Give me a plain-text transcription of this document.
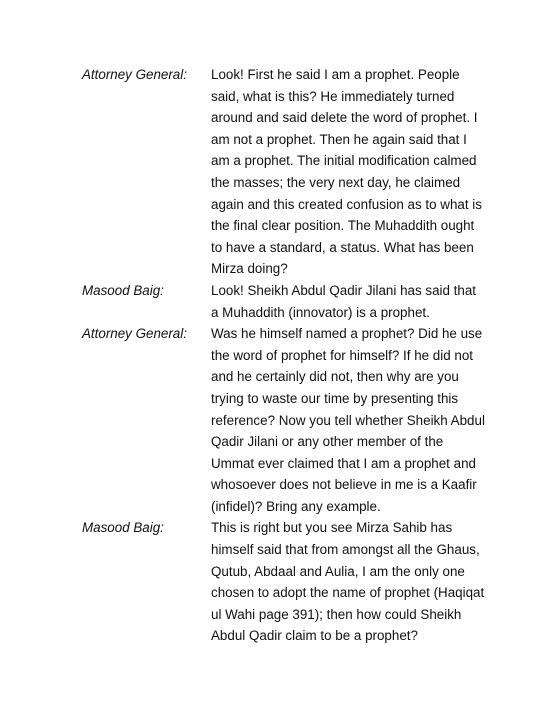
Attorney General:	Look! First he said I am a prophet. People
said, what is this? He immediately turned
around and said delete the word of prophet. I
am not a prophet. Then he again said that I
am a prophet. The initial modification calmed
the masses; the very next day, he claimed
again and this created confusion as to what is
the final clear position. The Muhaddith ought
to have a standard, a status. What has been
Mirza doing?
Masood Baig:	Look! Sheikh Abdul Qadir Jilani has said that
a Muhaddith (innovator) is a prophet.
Attorney General:	Was he himself named a prophet? Did he use
the word of prophet for himself? If he did not
and he certainly did not, then why are you
trying to waste our time by presenting this
reference? Now you tell whether Sheikh Abdul
Qadir Jilani or any other member of the
Ummat ever claimed that I am a prophet and
whosoever does not believe in me is a Kaafir
(infidel)? Bring any example.
Masood Baig:	This is right but you see Mirza Sahib has
himself said that from amongst all the Ghaus,
Qutub, Abdaal and Aulia, I am the only one
chosen to adopt the name of prophet (Haqiqat
ul Wahi page 391); then how could Sheikh
Abdul Qadir claim to be a prophet?
